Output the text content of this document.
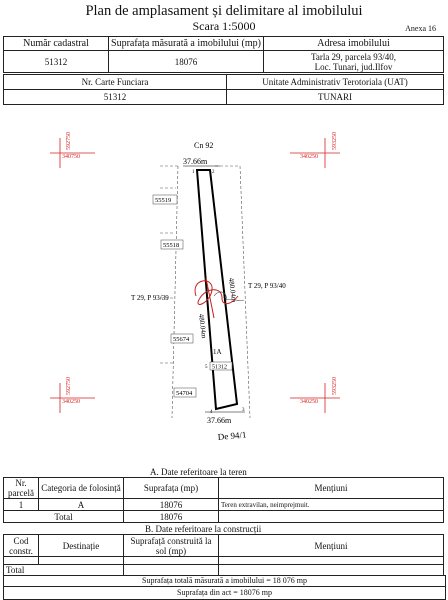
Plan de amplasament și delimitare al imobilului
Scara 1:5000	Anexa 16
Număr cadastral	Suprafața măsurată a imobilului (mp)	Adresa imobilului
51312	18076	Tarla 29, parcela 93/40,
Loc. Tunari, jud.Ilfov
Nr. Carte Funciara	Unitate Administrativ Terotoriala (UAT)
51312	TUNARI
340750
592750
340250
593250
340250
592750
340250
593250
Cn 92
37.66m
37.66m
De 94/1
1	2
3
4
5
480.04m
480.04m
T 29, P 93/39
T 29, P 93/40
55519
55518
55674
54704
1A
51312
A. Date referitoare la teren
Nr. parcelă	Categoria de folosință	Suprafața (mp)	Mențiuni
1	A	18076	Teren extravilan, neimprejmuit.
Total		18076	
B. Date referitoare la construcții
Cod constr.	Destinație	Suprafață construită la sol (mp)	Mențiuni

Total			
Suprafața totală măsurată a imobilului = 18 076 mp
Suprafața din act = 18076 mp
